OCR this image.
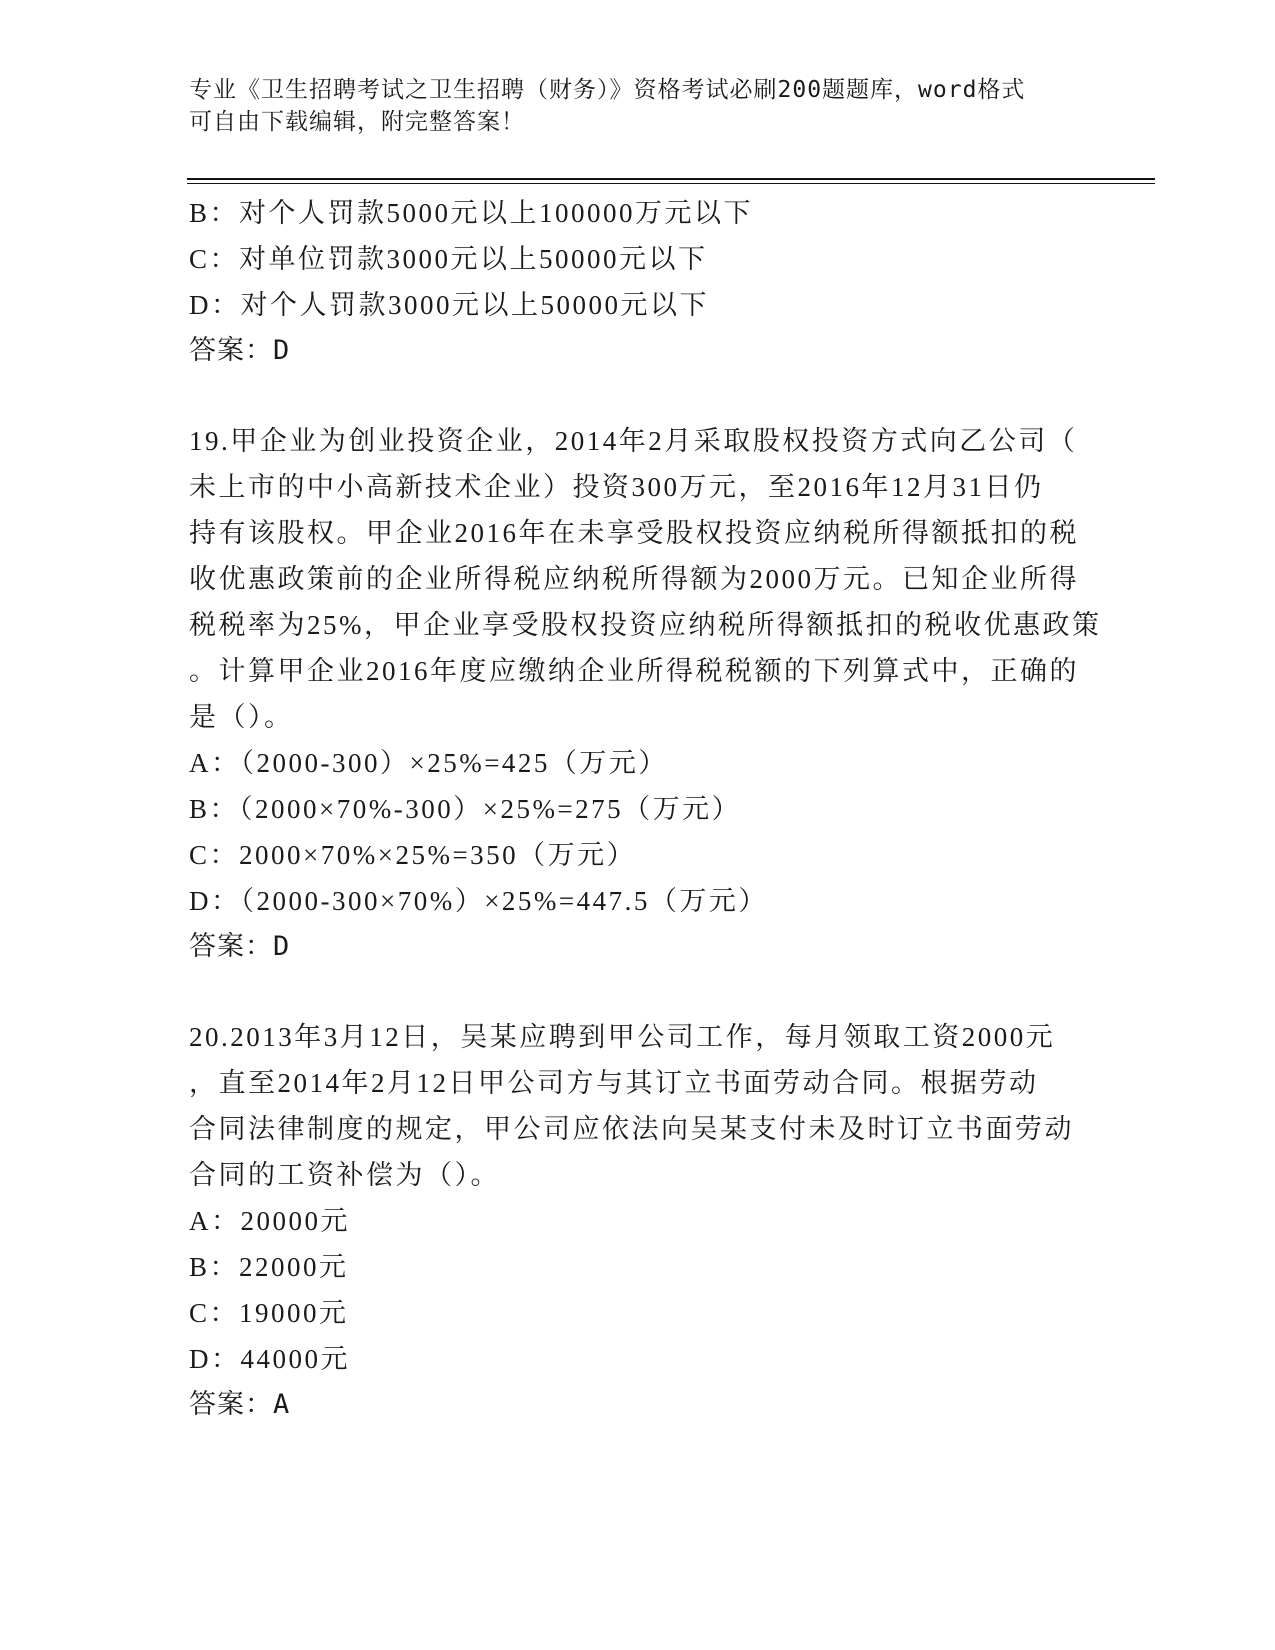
专业《卫生招聘考试之卫生招聘（财务）》资格考试必刷200题题库，word格式
可自由下载编辑，附完整答案！
B：对个人罚款5000元以上100000万元以下
C：对单位罚款3000元以上50000元以下
D：对个人罚款3000元以上50000元以下
答案：D
19.甲企业为创业投资企业，2014年2月采取股权投资方式向乙公司（
未上市的中小高新技术企业）投资300万元，至2016年12月31日仍
持有该股权。甲企业2016年在未享受股权投资应纳税所得额抵扣的税
收优惠政策前的企业所得税应纳税所得额为2000万元。已知企业所得
税税率为25%，甲企业享受股权投资应纳税所得额抵扣的税收优惠政策
。计算甲企业2016年度应缴纳企业所得税税额的下列算式中，正确的
是（）。
A：（2000-300）×25%=425（万元）
B：（2000×70%-300）×25%=275（万元）
C：2000×70%×25%=350（万元）
D：（2000-300×70%）×25%=447.5（万元）
答案：D
20.2013年3月12日，吴某应聘到甲公司工作，每月领取工资2000元
，直至2014年2月12日甲公司方与其订立书面劳动合同。根据劳动
合同法律制度的规定，甲公司应依法向吴某支付未及时订立书面劳动
合同的工资补偿为（）。
A：20000元
B：22000元
C：19000元
D：44000元
答案：A
